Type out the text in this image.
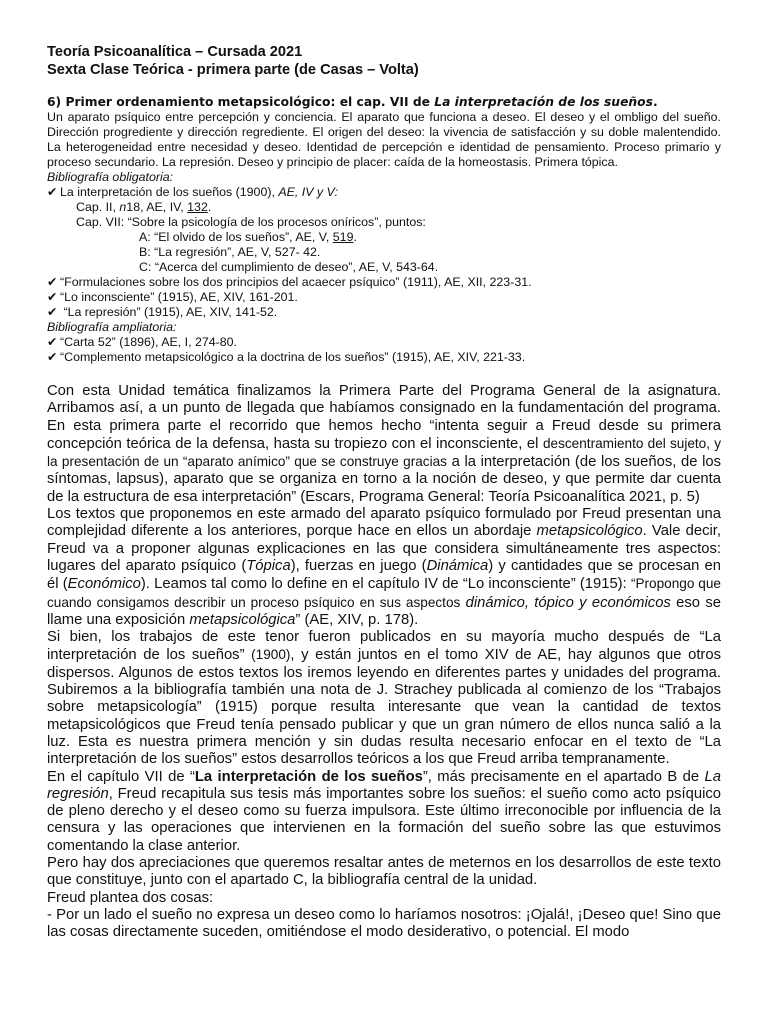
Teoría Psicoanalítica – Cursada 2021

Sexta Clase Teórica - primera parte (de Casas – Volta)

6) Primer ordenamiento metapsicológico: el cap. VII de La interpretación de los sueños.

Un aparato psíquico entre percepción y conciencia. El aparato que funciona a deseo. El deseo y el ombligo del sueño. Dirección progrediente y dirección regrediente. El origen del deseo: la vivencia de satisfacción y su doble malentendido. La heterogeneidad entre necesidad y deseo. Identidad de percepción e identidad de pensamiento. Proceso primario y proceso secundario. La represión. Deseo y principio de placer: caída de la homeostasis. Primera tópica.

Bibliografía obligatoria:

✔ La interpretación de los sueños (1900), AE, IV y V:

Cap. II, n18, AE, IV, 132.

Cap. VII: “Sobre la psicología de los procesos oníricos”, puntos:

A: “El olvido de los sueños”, AE, V, 519.

B: “La regresión”, AE, V, 527- 42.

C: “Acerca del cumplimiento de deseo”, AE, V, 543-64.

✔ “Formulaciones sobre los dos principios del acaecer psíquico” (1911), AE, XII, 223-31.

✔ “Lo inconsciente” (1915), AE, XIV, 161-201.

✔ “La represión” (1915), AE, XIV, 141-52.

Bibliografía ampliatoria:

✔ “Carta 52” (1896), AE, I, 274-80.

✔ “Complemento metapsicológico a la doctrina de los sueños” (1915), AE, XIV, 221-33.

Con esta Unidad temática finalizamos la Primera Parte del Programa General de la asignatura. Arribamos así, a un punto de llegada que habíamos consignado en la fundamentación del programa. En esta primera parte el recorrido que hemos hecho “intenta seguir a Freud desde su primera concepción teórica de la defensa, hasta su tropiezo con el inconsciente, el descentramiento del sujeto, y la presentación de un “aparato anímico” que se construye gracias a la interpretación (de los sueños, de los síntomas, lapsus), aparato que se organiza en torno a la noción de deseo, y que permite dar cuenta de la estructura de esa interpretación” (Escars, Programa General: Teoría Psicoanalítica 2021, p. 5)

Los textos que proponemos en este armado del aparato psíquico formulado por Freud presentan una complejidad diferente a los anteriores, porque hace en ellos un abordaje metapsicológico. Vale decir, Freud va a proponer algunas explicaciones en las que considera simultáneamente tres aspectos: lugares del aparato psíquico (Tópica), fuerzas en juego (Dinámica) y cantidades que se procesan en él (Económico). Leamos tal como lo define en el capítulo IV de “Lo inconsciente” (1915): “Propongo que cuando consigamos describir un proceso psíquico en sus aspectos dinámico, tópico y económicos eso se llame una exposición metapsicológica” (AE, XIV, p. 178).

Si bien, los trabajos de este tenor fueron publicados en su mayoría mucho después de “La interpretación de los sueños” (1900), y están juntos en el tomo XIV de AE, hay algunos que otros dispersos. Algunos de estos textos los iremos leyendo en diferentes partes y unidades del programa. Subiremos a la bibliografía también una nota de J. Strachey publicada al comienzo de los “Trabajos sobre metapsicología” (1915) porque resulta interesante que vean la cantidad de textos metapsicológicos que Freud tenía pensado publicar y que un gran número de ellos nunca salió a la luz. Esta es nuestra primera mención y sin dudas resulta necesario enfocar en el texto de “La interpretación de los sueños” estos desarrollos teóricos a los que Freud arriba tempranamente.

En el capítulo VII de “La interpretación de los sueños”, más precisamente en el apartado B de La regresión, Freud recapitula sus tesis más importantes sobre los sueños: el sueño como acto psíquico de pleno derecho y el deseo como su fuerza impulsora. Este último irreconocible por influencia de la censura y las operaciones que intervienen en la formación del sueño sobre las que estuvimos comentando la clase anterior.

Pero hay dos apreciaciones que queremos resaltar antes de meternos en los desarrollos de este texto que constituye, junto con el apartado C, la bibliografía central de la unidad.

Freud plantea dos cosas:

- Por un lado el sueño no expresa un deseo como lo haríamos nosotros: ¡Ojalá!, ¡Deseo que! Sino que las cosas directamente suceden, omitiéndose el modo desiderativo, o potencial. El modo
